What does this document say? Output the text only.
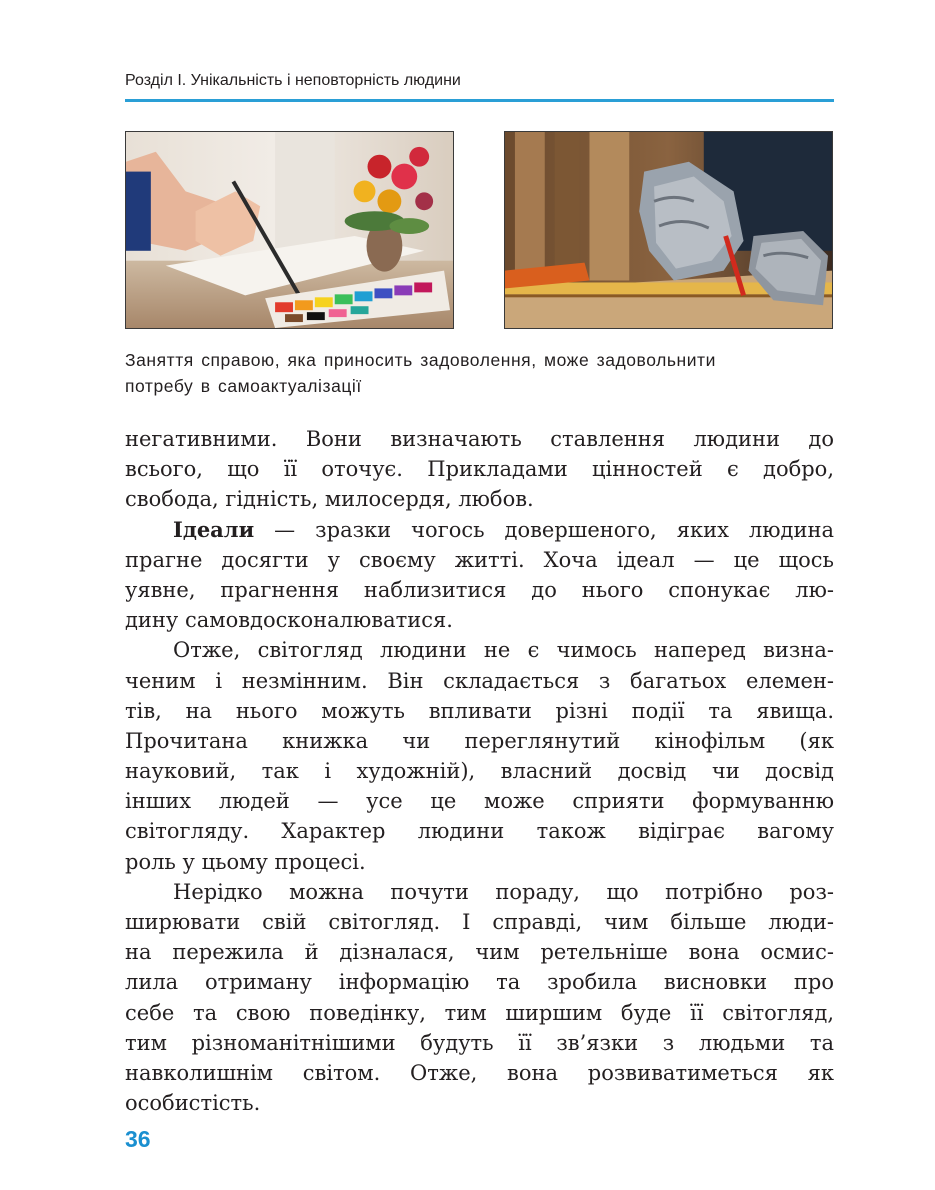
Розділ І. Унікальність і неповторність людини
Заняття справою, яка приносить задоволення, може задовольнити
потребу в самоактуалізації
негативними. Вони визначають ставлення людини до
всього, що її оточує. Прикладами цінностей є добро,
свобода, гідність, милосердя, любов.
Ідеали — зразки чогось довершеного, яких людина
прагне досягти у своєму житті. Хоча ідеал — це щось
уявне, прагнення наблизитися до нього спонукає лю-
дину самовдосконалюватися.
Отже, світогляд людини не є чимось наперед визна-
ченим і незмінним. Він складається з багатьох елемен-
тів, на нього можуть впливати різні події та явища.
Прочитана книжка чи переглянутий кінофільм (як
науковий, так і художній), власний досвід чи досвід
інших людей — усе це може сприяти формуванню
світогляду. Характер людини також відіграє вагому
роль у цьому процесі.
Нерідко можна почути пораду, що потрібно роз-
ширювати свій світогляд. І справді, чим більше люди-
на пережила й дізналася, чим ретельніше вона осмис-
лила отриману інформацію та зробила висновки про
себе та свою поведінку, тим ширшим буде її світогляд,
тим різноманітнішими будуть її зв’язки з людьми та
навколишнім світом. Отже, вона розвиватиметься як
особистість.
36
